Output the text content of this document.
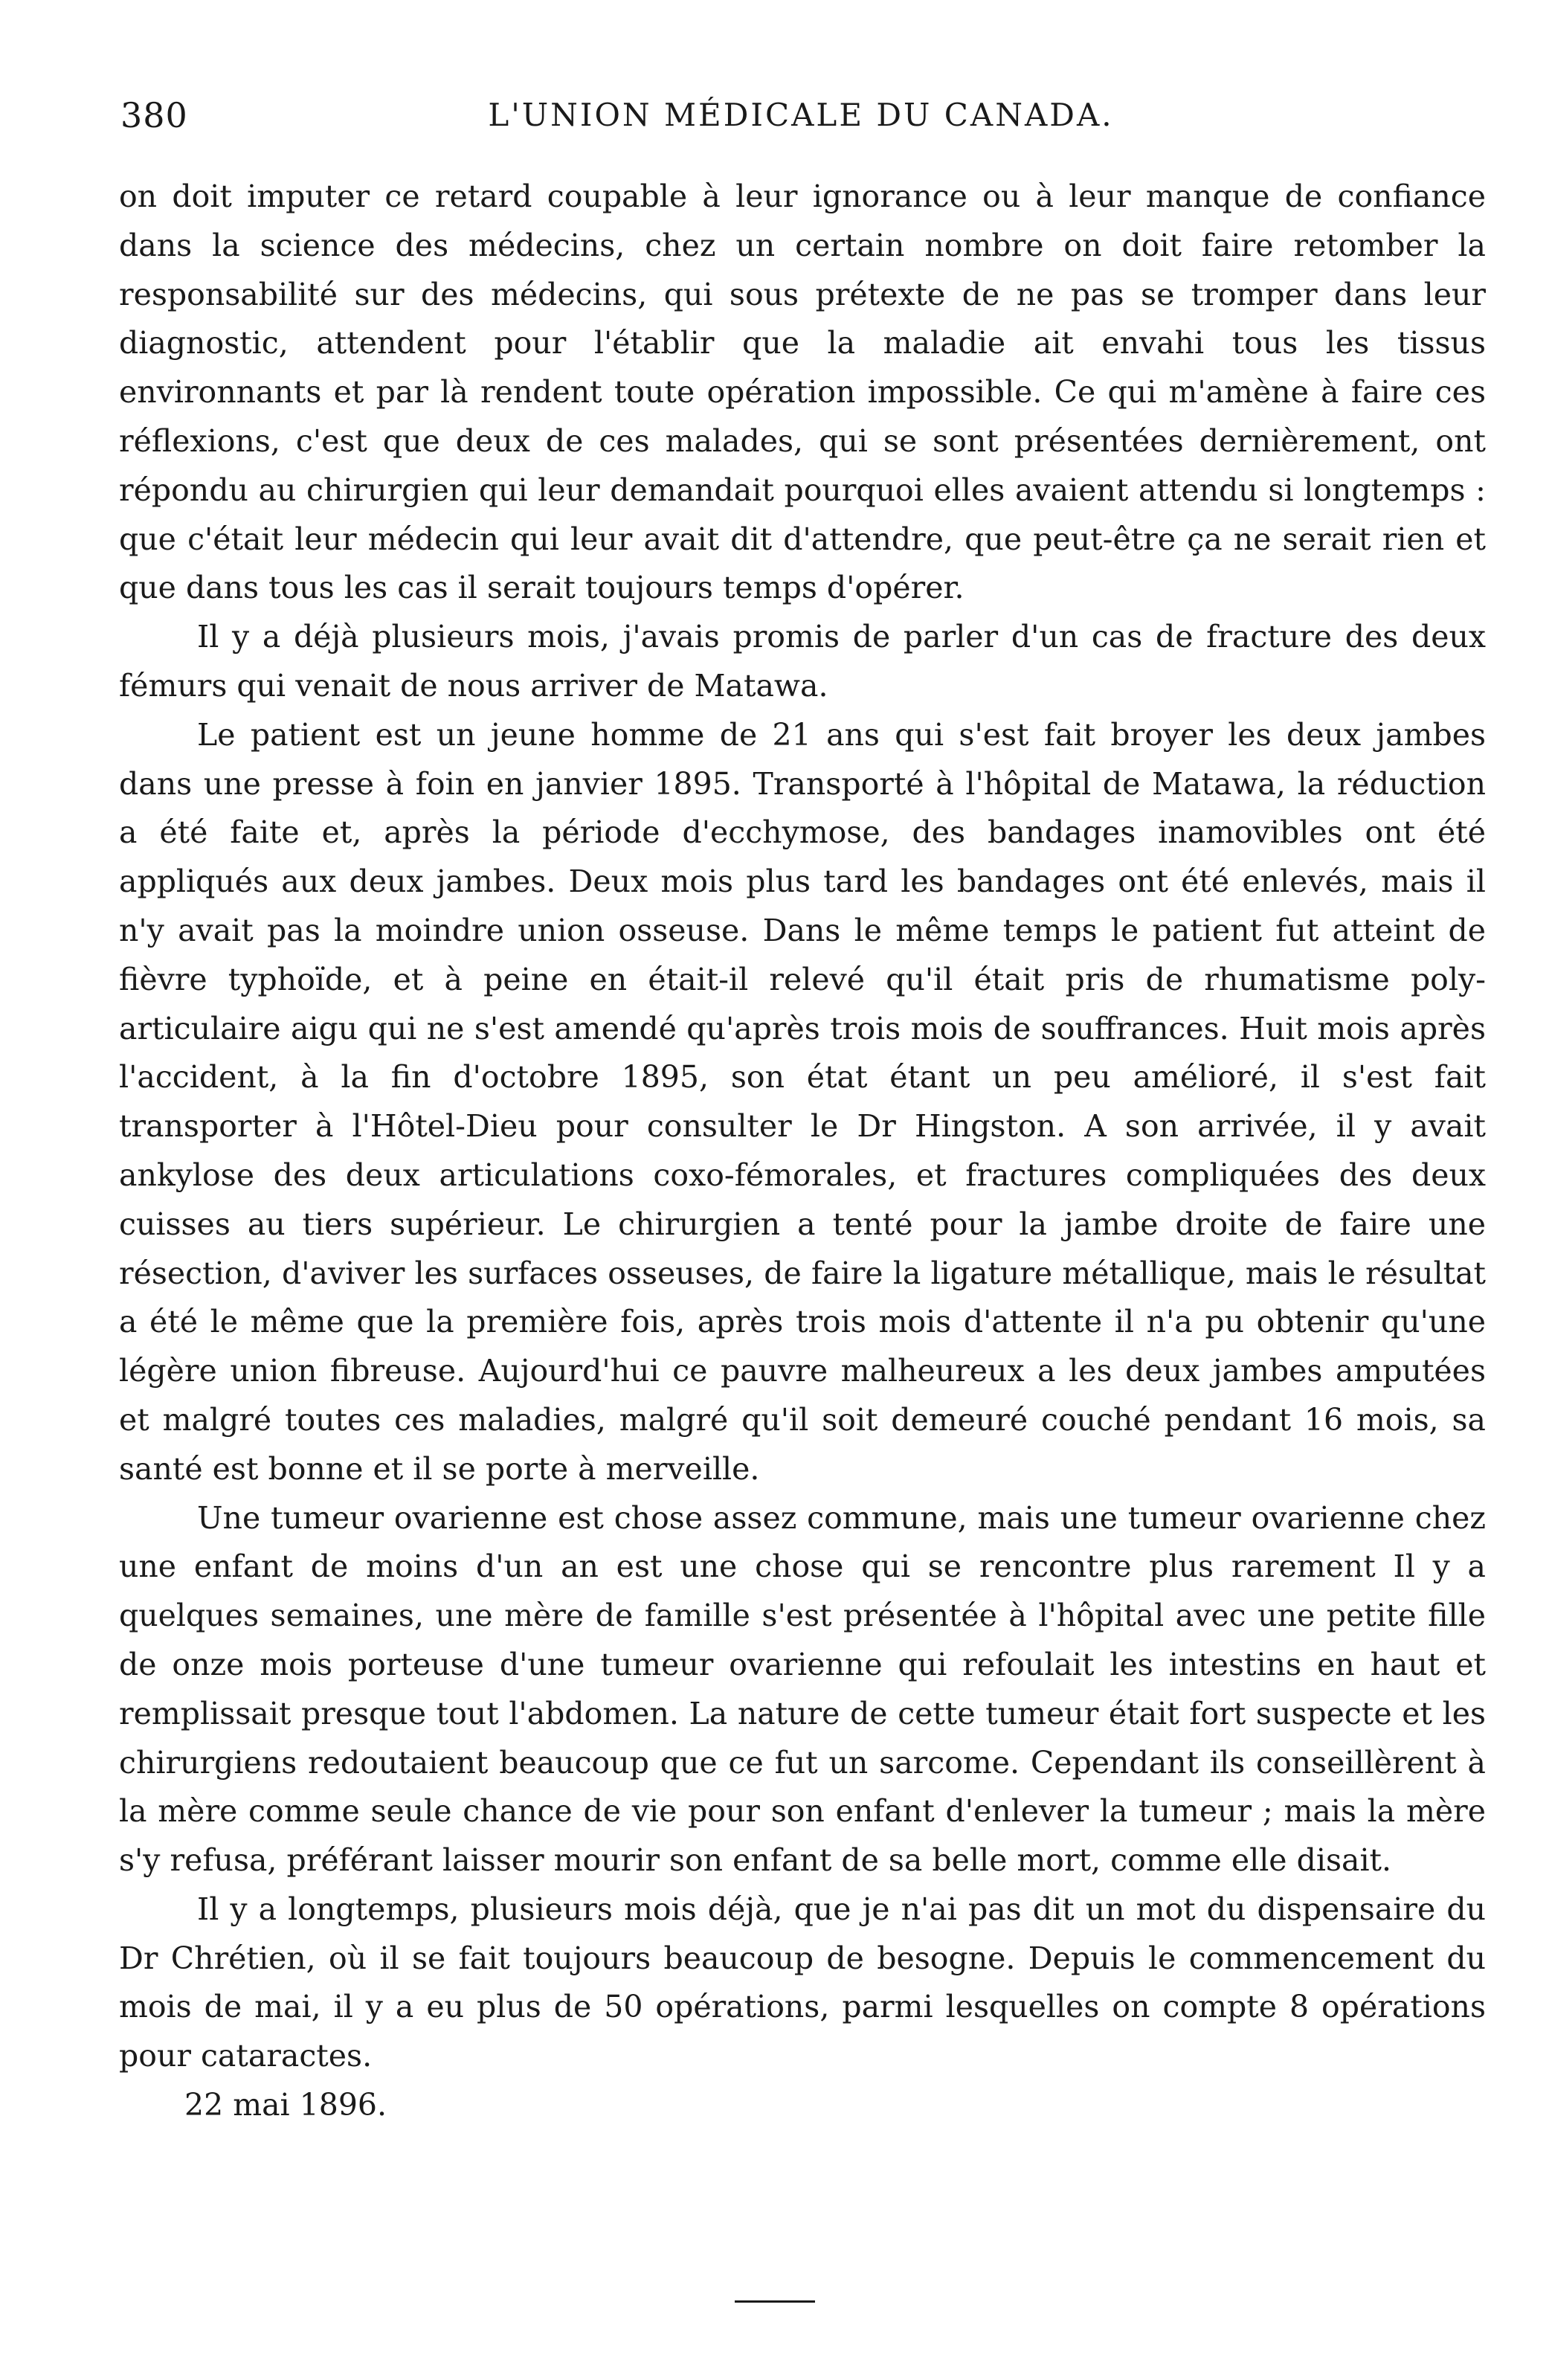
380	L'UNION MÉDICALE DU CANADA.

on doit imputer ce retard coupable à leur ignorance ou à leur manque de confiance dans la science des médecins, chez un certain nombre on doit faire retomber la responsabilité sur des médecins, qui sous prétexte de ne pas se tromper dans leur diagnostic, attendent pour l'établir que la maladie ait envahi tous les tissus environnants et par là rendent toute opération impossible. Ce qui m'amène à faire ces réflexions, c'est que deux de ces malades, qui se sont présentées dernièrement, ont répondu au chirurgien qui leur demandait pourquoi elles avaient attendu si longtemps : que c'était leur médecin qui leur avait dit d'attendre, que peut-être ça ne serait rien et que dans tous les cas il serait toujours temps d'opérer.

Il y a déjà plusieurs mois, j'avais promis de parler d'un cas de fracture des deux fémurs qui venait de nous arriver de Matawa.

Le patient est un jeune homme de 21 ans qui s'est fait broyer les deux jambes dans une presse à foin en janvier 1895. Transporté à l'hôpital de Matawa, la réduction a été faite et, après la période d'ecchymose, des bandages inamovibles ont été appliqués aux deux jambes. Deux mois plus tard les bandages ont été enlevés, mais il n'y avait pas la moindre union osseuse. Dans le même temps le patient fut atteint de fièvre typhoïde, et à peine en était-il relevé qu'il était pris de rhumatisme poly-articulaire aigu qui ne s'est amendé qu'après trois mois de souffrances. Huit mois après l'accident, à la fin d'octobre 1895, son état étant un peu amélioré, il s'est fait transporter à l'Hôtel-Dieu pour consulter le Dr Hingston. A son arrivée, il y avait ankylose des deux articulations coxo-fémorales, et fractures compliquées des deux cuisses au tiers supérieur. Le chirurgien a tenté pour la jambe droite de faire une résection, d'aviver les surfaces osseuses, de faire la ligature métallique, mais le résultat a été le même que la première fois, après trois mois d'attente il n'a pu obtenir qu'une légère union fibreuse. Aujourd'hui ce pauvre malheureux a les deux jambes amputées et malgré toutes ces maladies, malgré qu'il soit demeuré couché pendant 16 mois, sa santé est bonne et il se porte à merveille.

Une tumeur ovarienne est chose assez commune, mais une tumeur ovarienne chez une enfant de moins d'un an est une chose qui se rencontre plus rarement Il y a quelques semaines, une mère de famille s'est présentée à l'hôpital avec une petite fille de onze mois porteuse d'une tumeur ovarienne qui refoulait les intestins en haut et remplissait presque tout l'abdomen. La nature de cette tumeur était fort suspecte et les chirurgiens redoutaient beaucoup que ce fut un sarcome. Cependant ils conseillèrent à la mère comme seule chance de vie pour son enfant d'enlever la tumeur ; mais la mère s'y refusa, préférant laisser mourir son enfant de sa belle mort, comme elle disait.

Il y a longtemps, plusieurs mois déjà, que je n'ai pas dit un mot du dispensaire du Dr Chrétien, où il se fait toujours beaucoup de besogne. Depuis le commencement du mois de mai, il y a eu plus de 50 opérations, parmi lesquelles on compte 8 opérations pour cataractes.

22 mai 1896.
